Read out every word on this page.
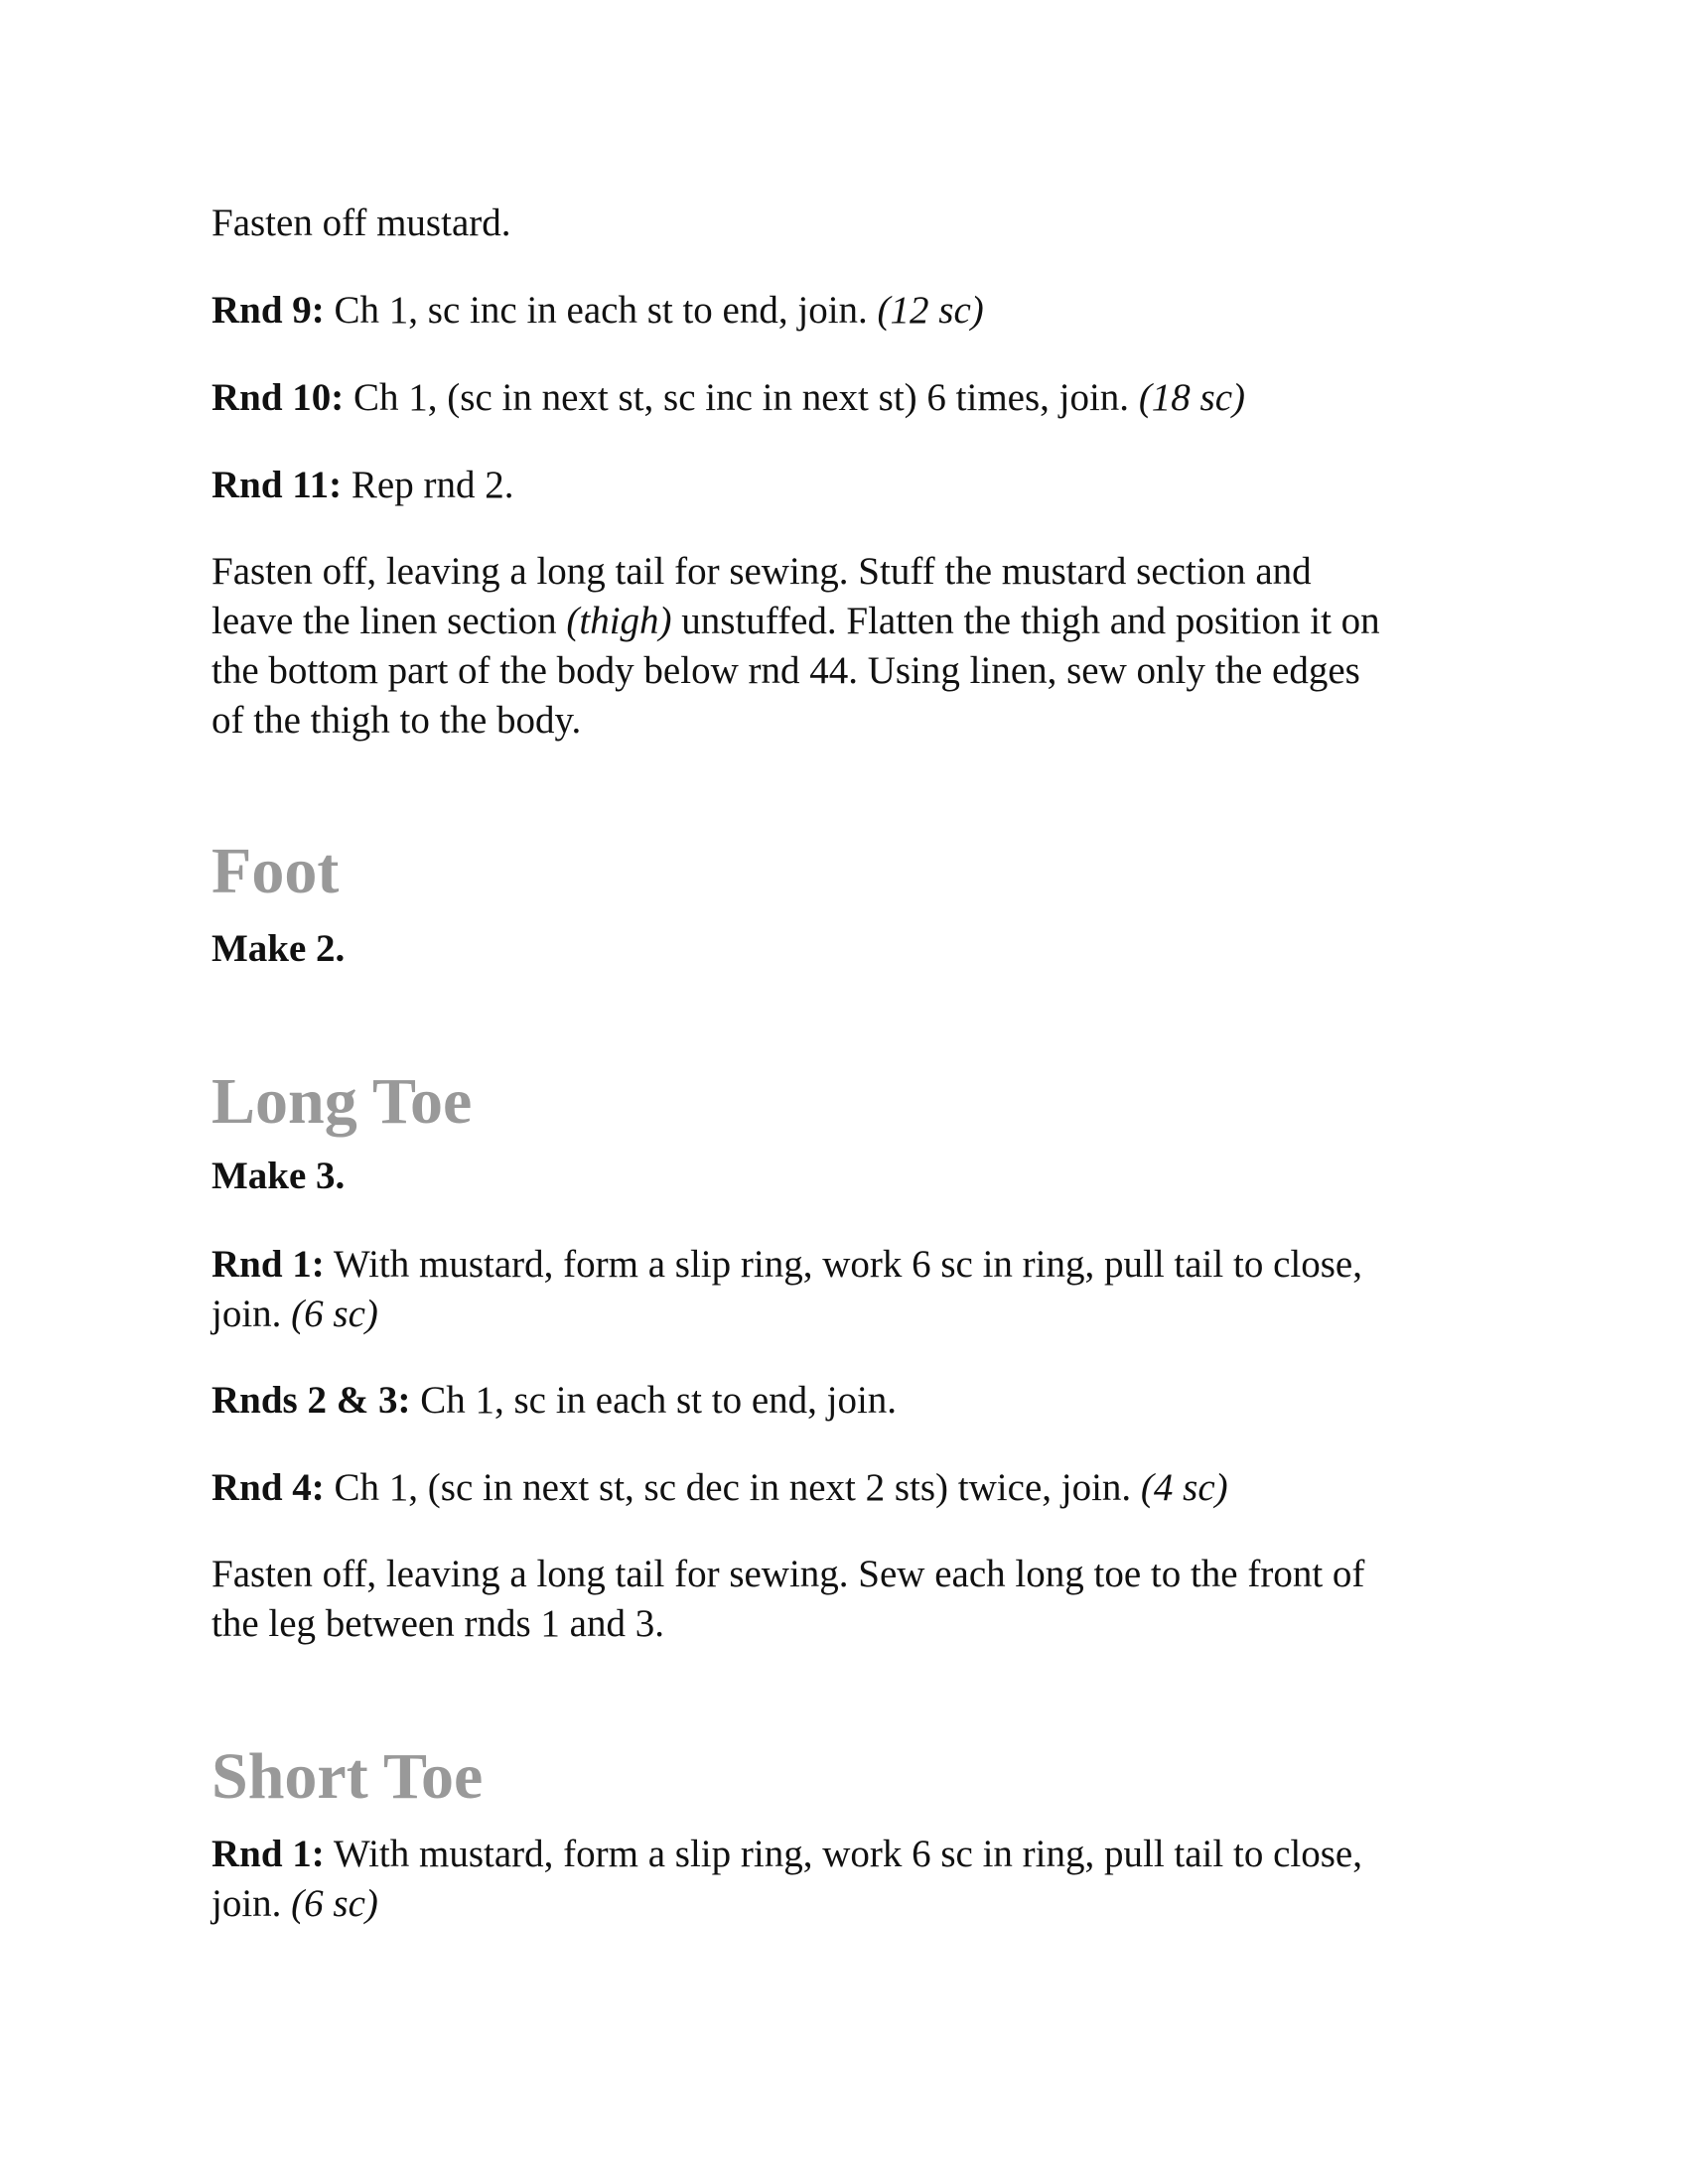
Fasten off mustard.

Rnd 9: Ch 1, sc inc in each st to end, join. (12 sc)

Rnd 10: Ch 1, (sc in next st, sc inc in next st) 6 times, join. (18 sc)

Rnd 11: Rep rnd 2.

Fasten off, leaving a long tail for sewing. Stuff the mustard section and

leave the linen section (thigh) unstuffed. Flatten the thigh and position it on

the bottom part of the body below rnd 44. Using linen, sew only the edges

of the thigh to the body.

Foot

Make 2.

Long Toe

Make 3.

Rnd 1: With mustard, form a slip ring, work 6 sc in ring, pull tail to close,

join. (6 sc)

Rnds 2 & 3: Ch 1, sc in each st to end, join.

Rnd 4: Ch 1, (sc in next st, sc dec in next 2 sts) twice, join. (4 sc)

Fasten off, leaving a long tail for sewing. Sew each long toe to the front of

the leg between rnds 1 and 3.

Short Toe

Rnd 1: With mustard, form a slip ring, work 6 sc in ring, pull tail to close,

join. (6 sc)
